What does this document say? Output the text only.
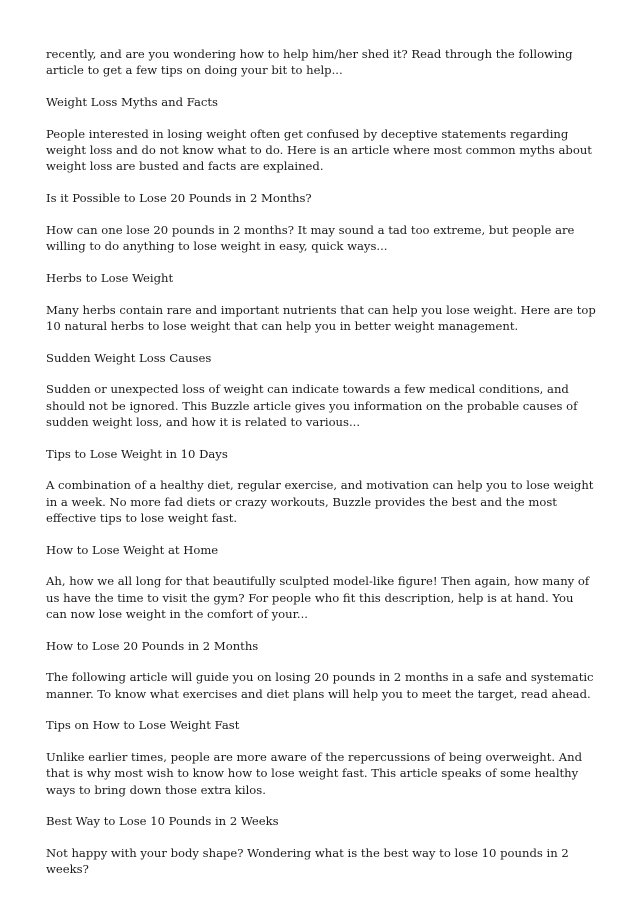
recently, and are you wondering how to help him/her shed it? Read through the following article to get a few tips on doing your bit to help...

Weight Loss Myths and Facts

People interested in losing weight often get confused by deceptive statements regarding weight loss and do not know what to do. Here is an article where most common myths about weight loss are busted and facts are explained.

Is it Possible to Lose 20 Pounds in 2 Months?

How can one lose 20 pounds in 2 months? It may sound a tad too extreme, but people are willing to do anything to lose weight in easy, quick ways...

Herbs to Lose Weight

Many herbs contain rare and important nutrients that can help you lose weight. Here are top 10 natural herbs to lose weight that can help you in better weight management.

Sudden Weight Loss Causes

Sudden or unexpected loss of weight can indicate towards a few medical conditions, and should not be ignored. This Buzzle article gives you information on the probable causes of sudden weight loss, and how it is related to various...

Tips to Lose Weight in 10 Days

A combination of a healthy diet, regular exercise, and motivation can help you to lose weight in a week. No more fad diets or crazy workouts, Buzzle provides the best and the most effective tips to lose weight fast.

How to Lose Weight at Home

Ah, how we all long for that beautifully sculpted model-like figure! Then again, how many of us have the time to visit the gym? For people who fit this description, help is at hand. You can now lose weight in the comfort of your...

How to Lose 20 Pounds in 2 Months

The following article will guide you on losing 20 pounds in 2 months in a safe and systematic manner. To know what exercises and diet plans will help you to meet the target, read ahead.

Tips on How to Lose Weight Fast

Unlike earlier times, people are more aware of the repercussions of being overweight. And that is why most wish to know how to lose weight fast. This article speaks of some healthy ways to bring down those extra kilos.

Best Way to Lose 10 Pounds in 2 Weeks

Not happy with your body shape? Wondering what is the best way to lose 10 pounds in 2 weeks?
